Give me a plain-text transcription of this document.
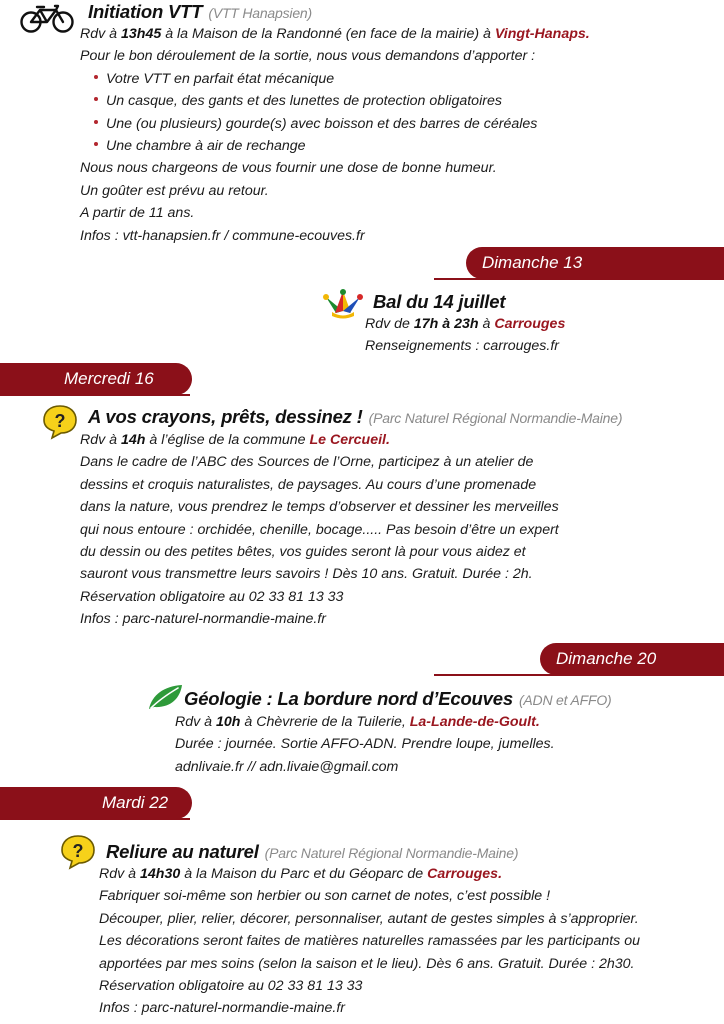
Initiation VTT (VTT Hanapsien)
Rdv à 13h45 à la Maison de la Randonné (en face de la mairie) à Vingt-Hanaps.
Pour le bon déroulement de la sortie, nous vous demandons d’apporter :
Votre VTT en parfait état mécanique
Un casque, des gants et des lunettes de protection obligatoires
Une (ou plusieurs) gourde(s) avec boisson et des barres de céréales
Une chambre à air de rechange
Nous nous chargeons de vous fournir une dose de bonne humeur.
Un goûter est prévu au retour.
A partir de 11 ans.
Infos : vtt-hanapsien.fr / commune-ecouves.fr
Dimanche 13
Bal du 14 juillet
Rdv de 17h à 23h à Carrouges
Renseignements : carrouges.fr
Mercredi 16
? A vos crayons, prêts, dessinez ! (Parc Naturel Régional Normandie-Maine)
Rdv à 14h à l’église de la commune Le Cercueil.
Dans le cadre de l’ABC des Sources de l’Orne, participez à un atelier de
dessins et croquis naturalistes, de paysages. Au cours d’une promenade
dans la nature, vous prendrez le temps d’observer et dessiner les merveilles
qui nous entoure : orchidée, chenille, bocage..... Pas besoin d’être un expert
du dessin ou des petites bêtes, vos guides seront là pour vous aidez et
sauront vous transmettre leurs savoirs ! Dès 10 ans. Gratuit. Durée : 2h.
Réservation obligatoire au 02 33 81 13 33
Infos : parc-naturel-normandie-maine.fr
Dimanche 20
Géologie : La bordure nord d’Ecouves (ADN et AFFO)
Rdv à 10h à Chèvrerie de la Tuilerie, La-Lande-de-Goult.
Durée : journée. Sortie AFFO-ADN. Prendre loupe, jumelles.
adnlivaie.fr // adn.livaie@gmail.com
Mardi 22
? Reliure au naturel (Parc Naturel Régional Normandie-Maine)
Rdv à 14h30 à la Maison du Parc et du Géoparc de Carrouges.
Fabriquer soi-même son herbier ou son carnet de notes, c’est possible !
Découper, plier, relier, décorer, personnaliser, autant de gestes simples à s’approprier.
Les décorations seront faites de matières naturelles ramassées par les participants ou
apportées par mes soins (selon la saison et le lieu). Dès 6 ans. Gratuit. Durée : 2h30.
Réservation obligatoire au 02 33 81 13 33
Infos : parc-naturel-normandie-maine.fr
